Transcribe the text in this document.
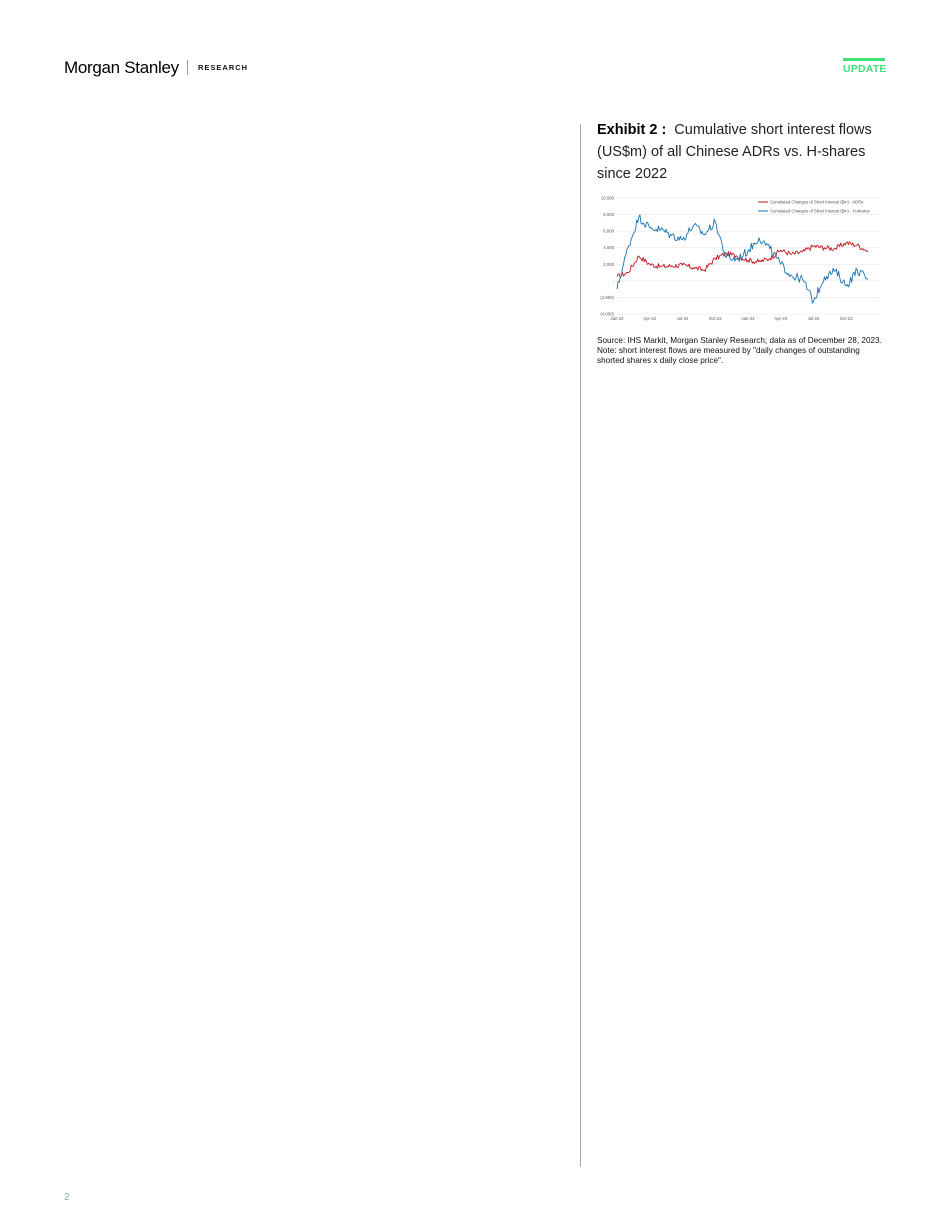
Morgan Stanley	RESEARCH	UPDATE
Exhibit 2 : Cumulative short interest flows (US$m) of all Chinese ADRs vs. H-shares since 2022
10,000
8,000
6,000
4,000
2,000
-
(2,000)
(4,000)
Jan-22	Apr-22	Jul-22	Oct-22	Jan-23	Apr-23	Jul-23	Oct-23
Cumulated Changes of Short Interest ($m) - ADRs
Cumulated Changes of Short Interest ($m) - H-shares
Source: IHS Markit, Morgan Stanley Research; data as of December 28, 2023.
Note: short interest flows are measured by "daily changes of outstanding shorted shares x daily close price".
2
